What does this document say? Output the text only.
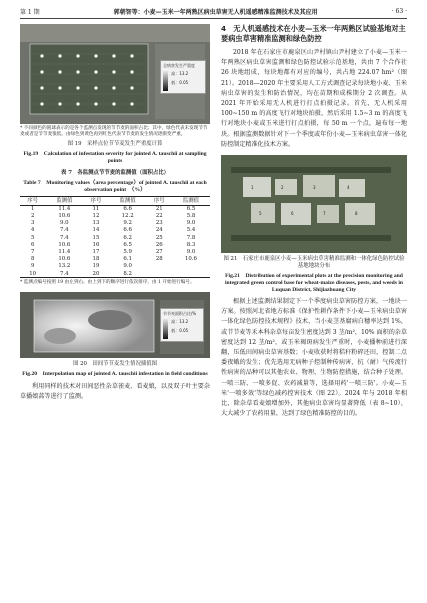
第 1 期	郭朝智等：小麦—玉米一年两熟区病虫草害无人机遥感精准监测技术及其应用	· 63 ·
全病害发生严重度
高：13.2
低：0.05
* 不同颜色的圆球表示的是各个监测点发现的节节麦的面积占比；其中，绿色代表未发现节节麦或者是节节麦很低，由绿色到黄色再到红色代表节节麦的发生情况逐渐变严重。
图 19　采样点位节节麦发生严重度计算
Fig.19　Calculation of infestation severity for jointed A. tauschii at sampling points
表 7　各监测点节节麦的监测值（面积占比）
Table 7　Monitoring values（area percentage）of jointed A. tauschii at each observation point　（%）
序号	监测值	序号	监测值	序号	监测值
1	11.4	11	6.6	21	6.5
2	10.6	12	12.2	22	5.8
3	9.0	13	9.2	23	9.0
4	7.4	14	6.6	24	5.4
5	7.4	15	6.2	25	7.8
6	10.6	16	6.5	26	8.3
7	11.4	17	5.9	27	9.0
8	10.6	18	6.1	28	10.6
9	13.2	19	9.0		
10	7.4	20	8.2		
* 监测点编号按照 19 由左到右、由上到下的顺序进行依次排序，由 1 开始进行编号。
节节麦面积占比/%
高：13.2
低：0.05
图 20　田间节节麦发生情况插值图
Fig.20　Interpolation map of jointed A. tauschii infestation in field conditions

利用同样的技术对田间恶性杂草雀麦、看麦娘，以及双子叶主要杂草播娘蒿等进行了监测。

4　无人机遥感技术在小麦—玉米一年两熟区试验基地对主要病虫草害精准监测和绿色防控

2018 年在石家庄市鹿泉区山尹村镇山尹村建立了小麦—玉米一年两熟区病虫草害监测和绿色防控试验示范基地，共由 7 个合作社 26 块地组成，每块地都有对应的编号，共占地 224.07 hm²（图 21）。2018—2020 年主要采用人工方式调查记录每块地小麦、玉米病虫草害的发生和防治情况，均在苗期和成株期分 2 次调查。从 2021 年开始采用无人机进行打点拍摄记录。首先，无人机采用 100~150 m 的高度飞行对地块拍摄，然后采用 1.5~3 m 的高度飞行对地块小麦或玉米进行打点拍摄，每 50 m 一个点，遍布每一地块。根据监测数据针对下一个季度或年份小麦—玉米病虫草害一体化防控制定精准化技术方案。

1	2	3	4
5	6	7	8
图 21　石家庄市鹿泉区小麦—玉米病虫草害精准监测和一体化绿色防控试验基地地块分布
Fig.21　Distribution of experimental plots at the precision monitoring and integrated green control base for wheat-maize diseases, pests, and weeds in Luquan District, Shijiazhuang City

根据上述监测结果制定下一个季度病虫草害防控方案，一地块一方案。按照河北省地方标准《保护性耕作条件下小麦—玉米病虫草害一体化绿色防控技术规程》技术，当小麦茎基腐病白穗率达到 1%，或节节麦等禾本科杂草每亩发生密度达到 3 茎/m²，10% 面积的杂草密度达到 12 茎/m²，或玉米褐斑病发生严重时，小麦播种前进行深翻，压低田间病虫草害基数；小麦收获时将秸秆粉碎还田，控制二点委夜蛾的发生；优先选用无病种子控制种传病害，抗（耐）气传流行性病害的品种可以其他农业、物理、生物防控措施，结合种子处理、一喷三防、一喷多促、农药减量等，选择用药'一喷三防'。小麦—玉米'一喷多效'等绿色减药控害技术（图 22）。2024 年与 2018 年相比，除杂草看麦娘增加外，其他病虫草害均显著降低（表 8~10），大大减少了农药用量，达到了绿色精准防控的目的。
